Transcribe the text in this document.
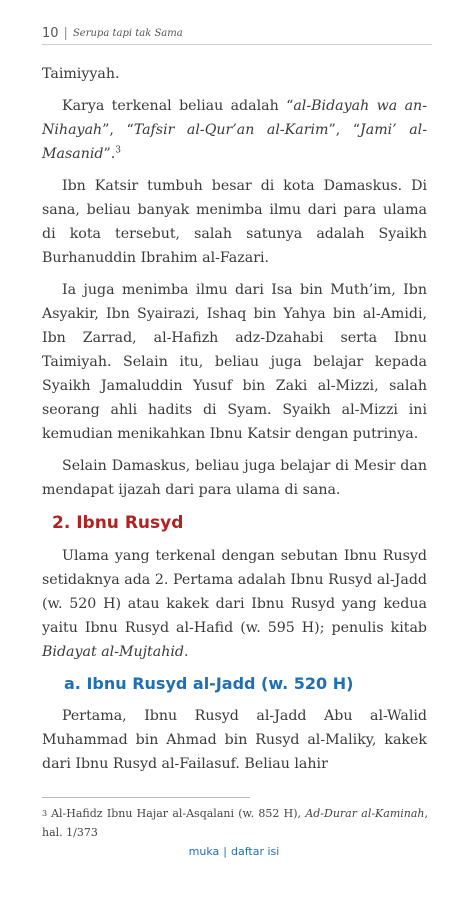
10 | Serupa tapi tak Sama

Taimiyyah.

Karya terkenal beliau adalah “al-Bidayah wa an-Nihayah”, “Tafsir al-Qur’an al-Karim”, “Jami’ al-Masanid”.$^3$

Ibn Katsir tumbuh besar di kota Damaskus. Di sana, beliau banyak menimba ilmu dari para ulama di kota tersebut, salah satunya adalah Syaikh Burhanuddin Ibrahim al-Fazari.

Ia juga menimba ilmu dari Isa bin Muth’im, Ibn Asyakir, Ibn Syairazi, Ishaq bin Yahya bin al-Amidi, Ibn Zarrad, al-Hafizh adz-Dzahabi serta Ibnu Taimiyah. Selain itu, beliau juga belajar kepada Syaikh Jamaluddin Yusuf bin Zaki al-Mizzi, salah seorang ahli hadits di Syam. Syaikh al-Mizzi ini kemudian menikahkan Ibnu Katsir dengan putrinya.

Selain Damaskus, beliau juga belajar di Mesir dan mendapat ijazah dari para ulama di sana.

2. Ibnu Rusyd

Ulama yang terkenal dengan sebutan Ibnu Rusyd setidaknya ada 2. Pertama adalah Ibnu Rusyd al-Jadd (w. 520 H) atau kakek dari Ibnu Rusyd yang kedua yaitu Ibnu Rusyd al-Hafid (w. 595 H); penulis kitab Bidayat al-Mujtahid.

a. Ibnu Rusyd al-Jadd (w. 520 H)

Pertama, Ibnu Rusyd al-Jadd Abu al-Walid Muhammad bin Ahmad bin Rusyd al-Maliky, kakek dari Ibnu Rusyd al-Failasuf. Beliau lahir

$^3$ Al-Hafidz Ibnu Hajar al-Asqalani (w. 852 H), Ad-Durar al-Kaminah, hal. 1/373
muka | daftar isi
